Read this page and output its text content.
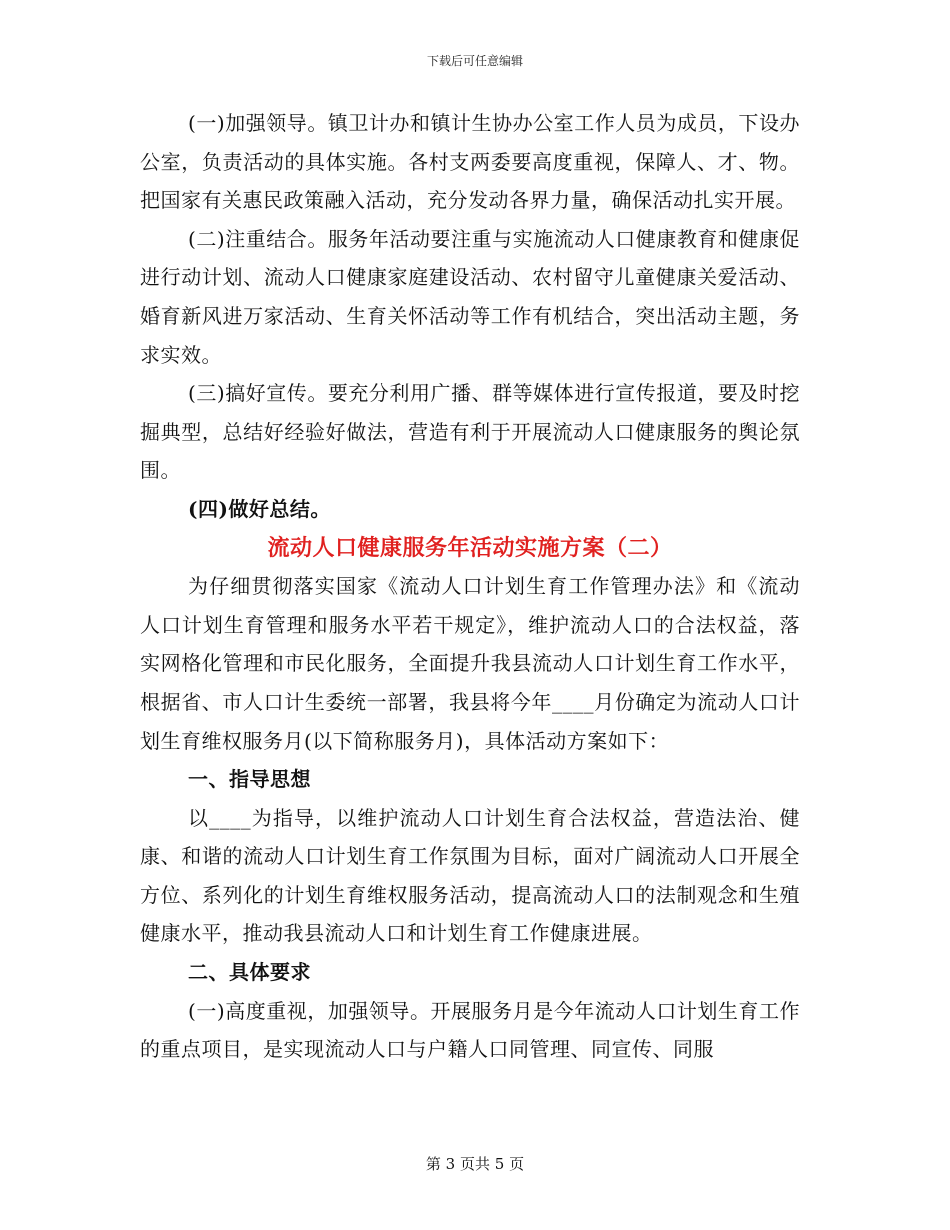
下载后可任意编辑

(一)加强领导。镇卫计办和镇计生协办公室工作人员为成员，下设办公室，负责活动的具体实施。各村支两委要高度重视，保障人、才、物。把国家有关惠民政策融入活动，充分发动各界力量，确保活动扎实开展。

(二)注重结合。服务年活动要注重与实施流动人口健康教育和健康促进行动计划、流动人口健康家庭建设活动、农村留守儿童健康关爱活动、婚育新风进万家活动、生育关怀活动等工作有机结合，突出活动主题，务求实效。

(三)搞好宣传。要充分利用广播、群等媒体进行宣传报道，要及时挖掘典型，总结好经验好做法，营造有利于开展流动人口健康服务的舆论氛围。

(四)做好总结。

流动人口健康服务年活动实施方案（二）

为仔细贯彻落实国家《流动人口计划生育工作管理办法》和《流动人口计划生育管理和服务水平若干规定》，维护流动人口的合法权益，落实网格化管理和市民化服务，全面提升我县流动人口计划生育工作水平，根据省、市人口计生委统一部署，我县将今年____月份确定为流动人口计划生育维权服务月(以下简称服务月)，具体活动方案如下：

一、指导思想

以____为指导，以维护流动人口计划生育合法权益，营造法治、健康、和谐的流动人口计划生育工作氛围为目标，面对广阔流动人口开展全方位、系列化的计划生育维权服务活动，提高流动人口的法制观念和生殖健康水平，推动我县流动人口和计划生育工作健康进展。

二、具体要求

(一)高度重视，加强领导。开展服务月是今年流动人口计划生育工作的重点项目，是实现流动人口与户籍人口同管理、同宣传、同服

第 3 页共 5 页
